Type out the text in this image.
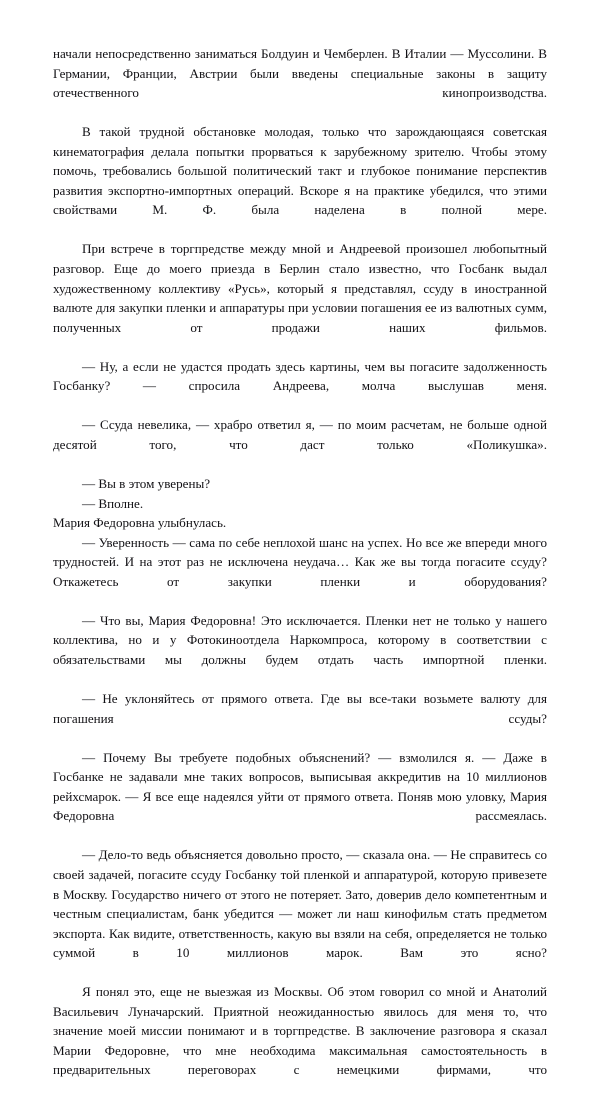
начали непосредственно заниматься Болдуин и Чемберлен. В Италии — Муссолини. В Германии, Франции, Австрии были введены специальные законы в защиту отечественного кинопроизводства.

В такой трудной обстановке молодая, только что зарождающаяся советская кинематография делала попытки прорваться к зарубежному зрителю. Чтобы этому помочь, требовались большой политический такт и глубокое понимание перспектив развития экспортно-импортных операций. Вскоре я на практике убедился, что этими свойствами М. Ф. была наделена в полной мере.

При встрече в торгпредстве между мной и Андреевой произошел любопытный разговор. Еще до моего приезда в Берлин стало известно, что Госбанк выдал художественному коллективу «Русь», который я представлял, ссуду в иностранной валюте для закупки пленки и аппаратуры при условии погашения ее из валютных сумм, полученных от продажи наших фильмов.

— Ну, а если не удастся продать здесь картины, чем вы погасите задолженность Госбанку? — спросила Андреева, молча выслушав меня.

— Ссуда невелика, — храбро ответил я, — по моим расчетам, не больше одной десятой того, что даст только «Поликушка».

— Вы в этом уверены?

— Вполне.

Мария Федоровна улыбнулась.

— Уверенность — сама по себе неплохой шанс на успех. Но все же впереди много трудностей. И на этот раз не исключена неудача… Как же вы тогда погасите ссуду? Откажетесь от закупки пленки и оборудования?

— Что вы, Мария Федоровна! Это исключается. Пленки нет не только у нашего коллектива, но и у Фотокиноотдела Наркомпроса, которому в соответствии с обязательствами мы должны будем отдать часть импортной пленки.

— Не уклоняйтесь от прямого ответа. Где вы все-таки возьмете валюту для погашения ссуды?

— Почему Вы требуете подобных объяснений? — взмолился я. — Даже в Госбанке не задавали мне таких вопросов, выписывая аккредитив на 10 миллионов рейхсмарок. — Я все еще надеялся уйти от прямого ответа. Поняв мою уловку, Мария Федоровна рассмеялась.

— Дело-то ведь объясняется довольно просто, — сказала она. — Не справитесь со своей задачей, погасите ссуду Госбанку той пленкой и аппаратурой, которую привезете в Москву. Государство ничего от этого не потеряет. Зато, доверив дело компетентным и честным специалистам, банк убедится — может ли наш кинофильм стать предметом экспорта. Как видите, ответственность, какую вы взяли на себя, определяется не только суммой в 10 миллионов марок. Вам это ясно?

Я понял это, еще не выезжая из Москвы. Об этом говорил со мной и Анатолий Васильевич Луначарский. Приятной неожиданностью явилось для меня то, что значение моей миссии понимают и в торгпредстве. В заключение разговора я сказал Марии Федоровне, что мне необходима максимальная самостоятельность в предварительных переговорах с немецкими фирмами, что
